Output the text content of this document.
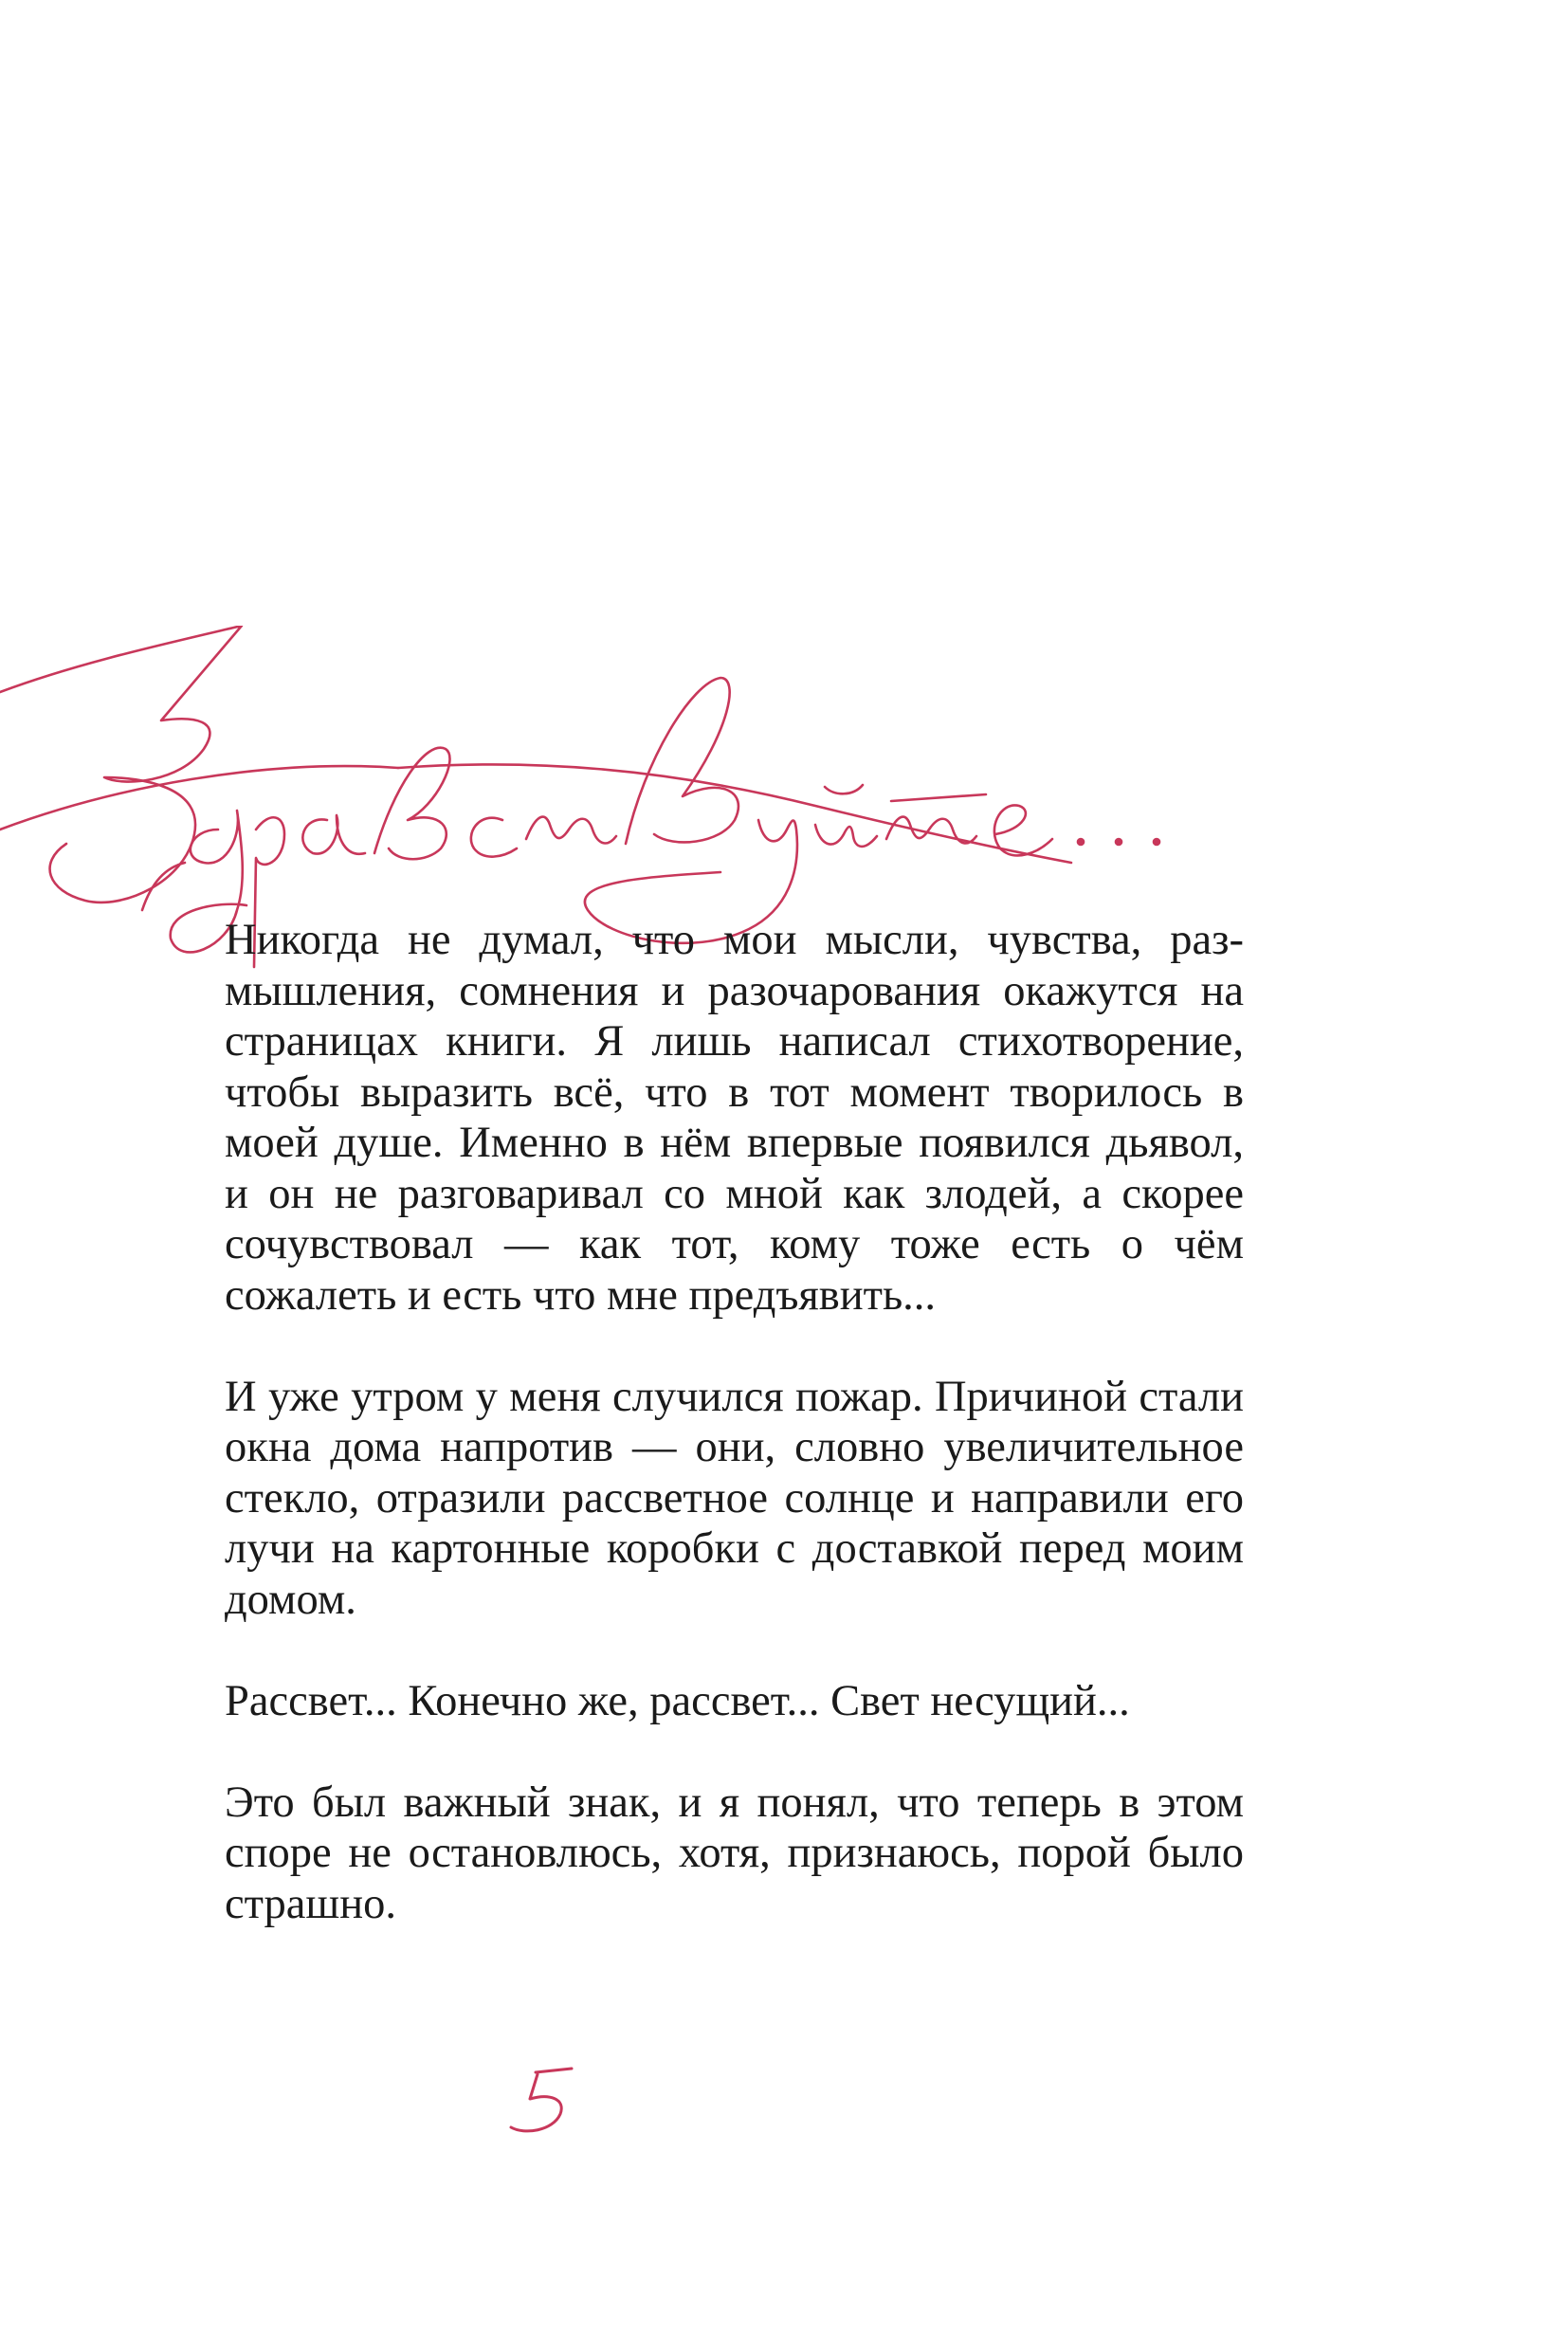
Никогда не думал, что мои мысли, чувства, размышления, сомнения и разочарования окажутся на страницах книги. Я лишь написал стихотворение, чтобы выразить всё, что в тот момент творилось в моей душе. Именно в нём впервые появился дьявол, и он не разговаривал со мной как злодей, а скорее сочувствовал — как тот, кому тоже есть о чём сожалеть и есть что мне предъявить...

И уже утром у меня случился пожар. Причиной стали окна дома напротив — они, словно увеличительное стекло, отразили рассветное солнце и направили его лучи на картонные коробки с доставкой перед моим домом.

Рассвет... Конечно же, рассвет... Свет несущий...

Это был важный знак, и я понял, что теперь в этом споре не остановлюсь, хотя, признаюсь, порой было страшно.
